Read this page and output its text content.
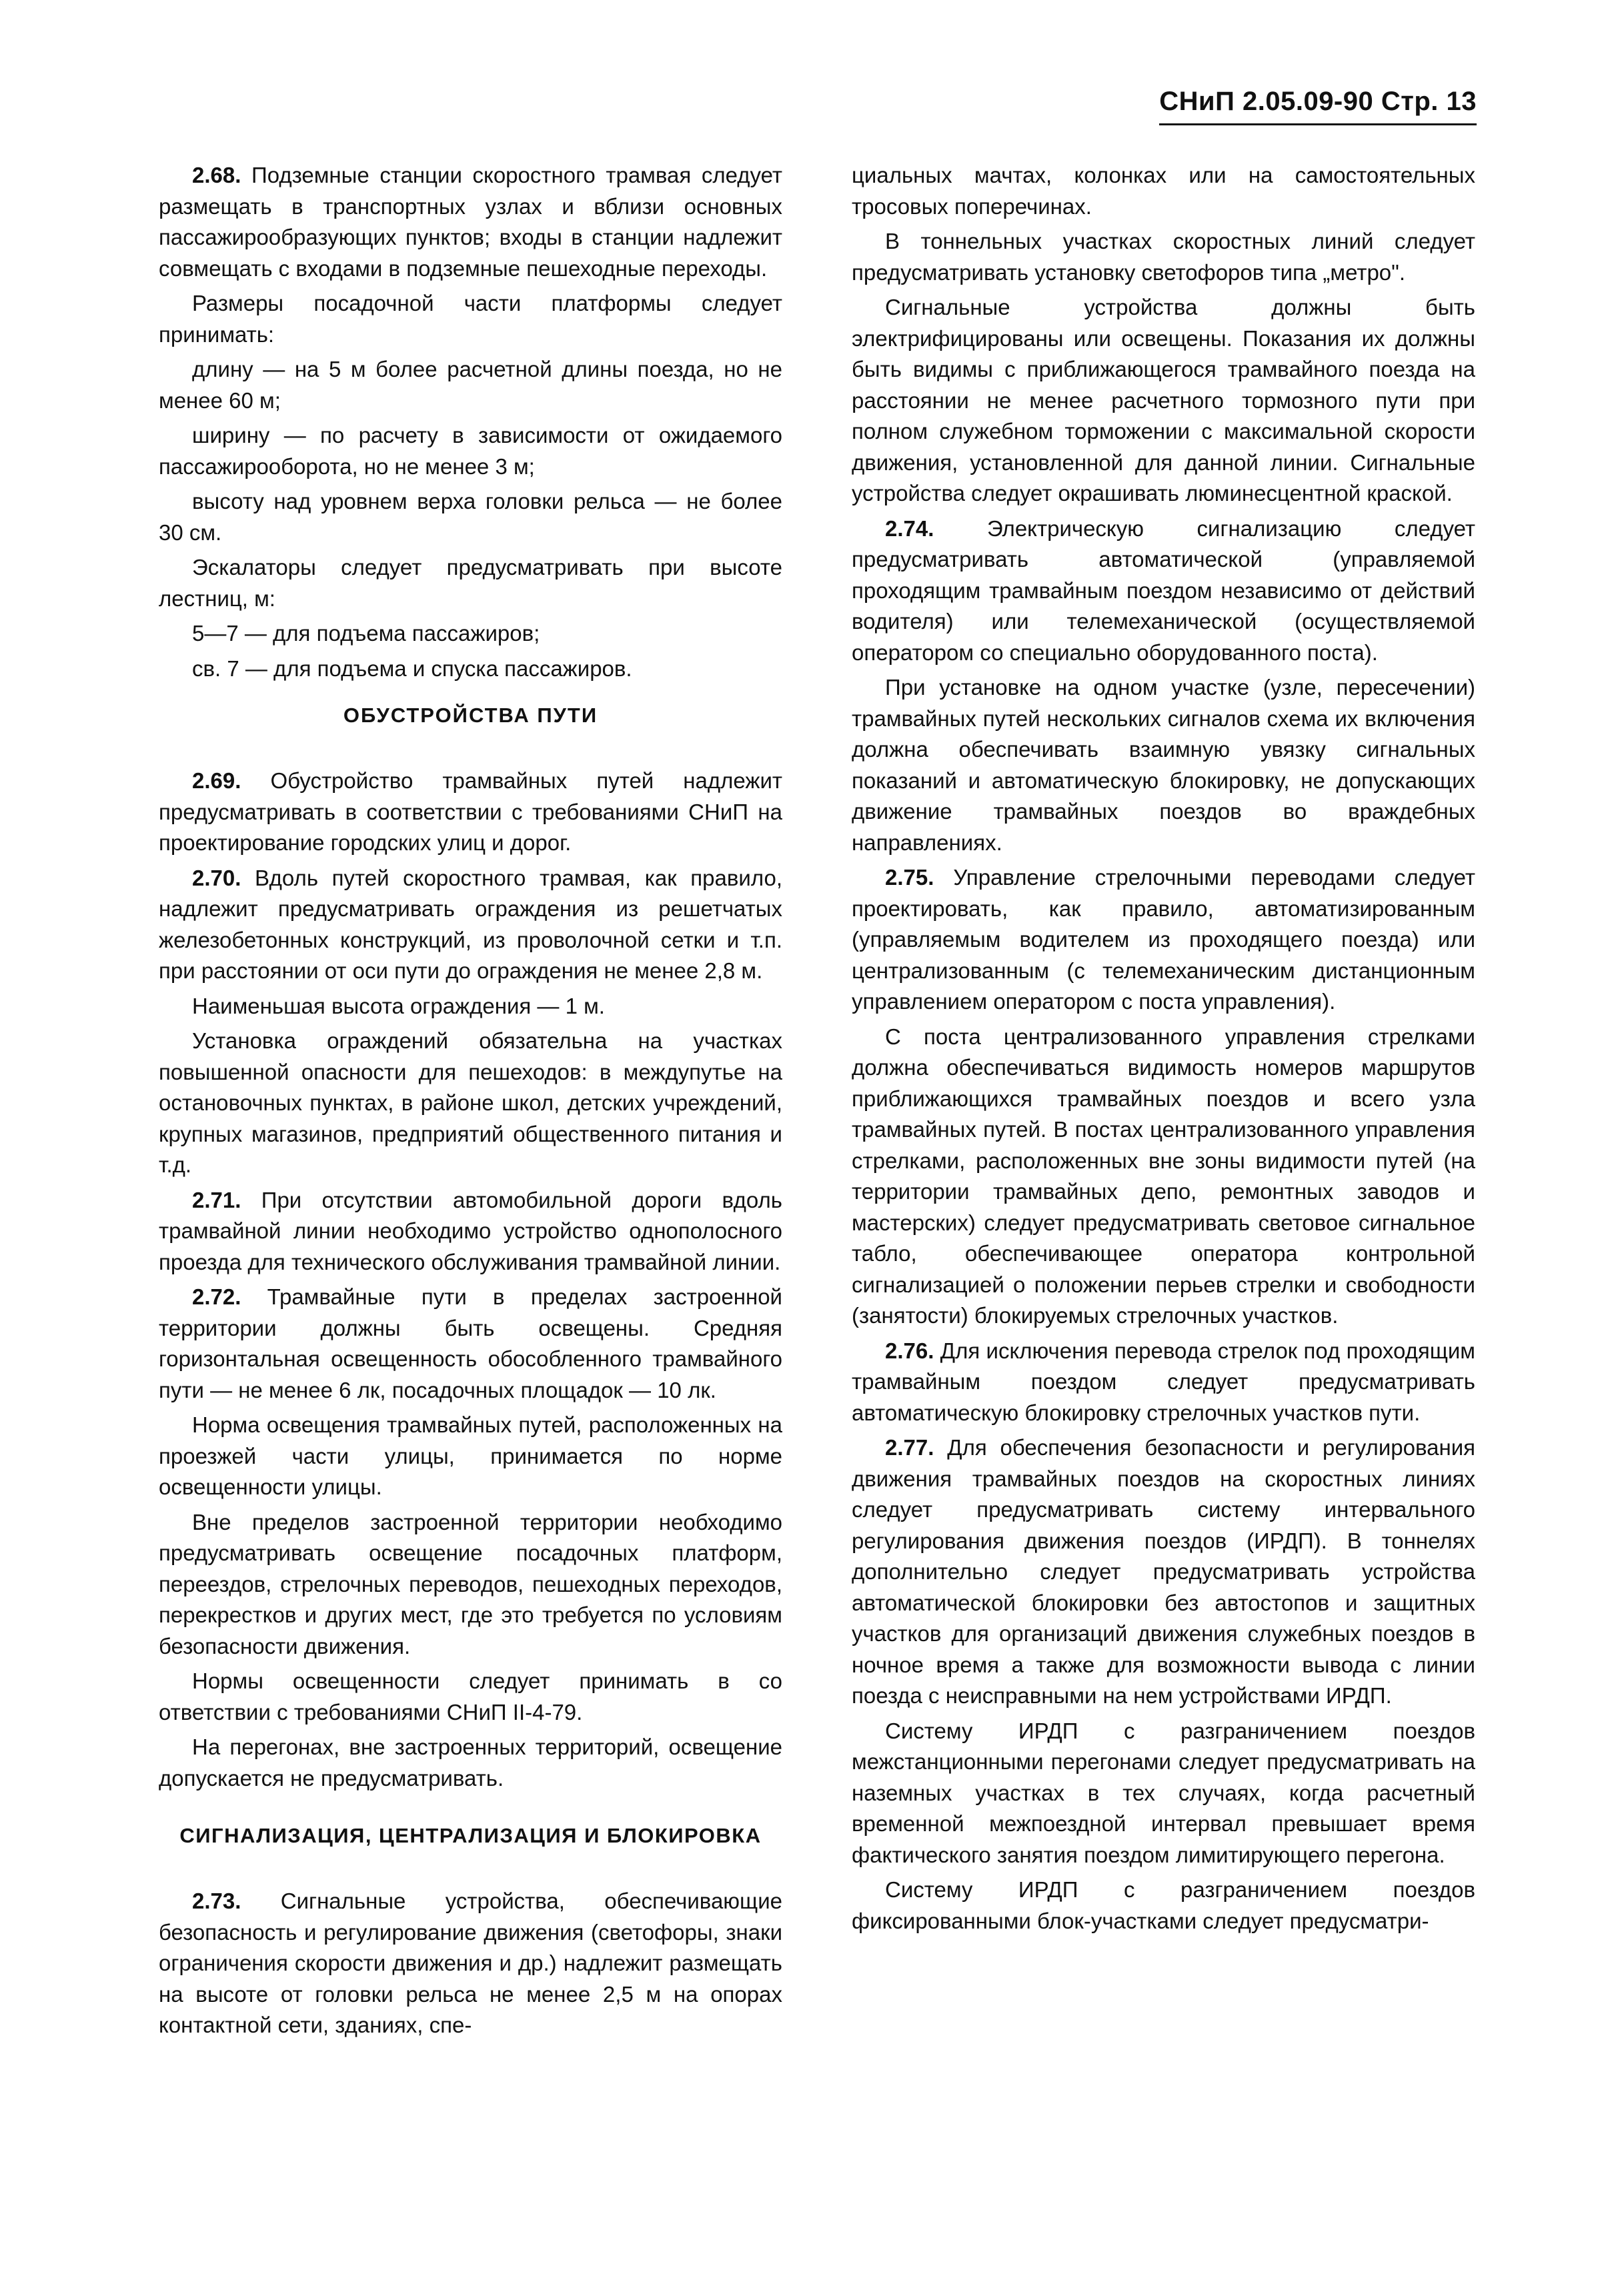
СНиП 2.05.09-90 Стр. 13

2.68. Подземные станции скоростного трамвая следует размещать в транспортных узлах и вблизи основных пассажирообразующих пунктов; входы в станции надлежит совмещать с входами в подземные пешеходные переходы.

Размеры посадочной части платформы следует принимать:

длину — на 5 м более расчетной длины поезда, но не менее 60 м;

ширину — по расчету в зависимости от ожидаемого пассажирооборота, но не менее 3 м;

высоту над уровнем верха головки рельса — не более 30 см.

Эскалаторы следует предусматривать при высоте лестниц, м:

5—7 — для подъема пассажиров;

св. 7 — для подъема и спуска пассажиров.

ОБУСТРОЙСТВА ПУТИ

2.69. Обустройство трамвайных путей надлежит предусматривать в соответствии с требованиями СНиП на проектирование городских улиц и дорог.

2.70. Вдоль путей скоростного трамвая, как правило, надлежит предусматривать ограждения из решетчатых железобетонных конструкций, из проволочной сетки и т.п. при расстоянии от оси пути до ограждения не менее 2,8 м.

Наименьшая высота ограждения — 1 м.

Установка ограждений обязательна на участках повышенной опасности для пешеходов: в междупутье на остановочных пунктах, в районе школ, детских учреждений, крупных магазинов, предприятий общественного питания и т.д.

2.71. При отсутствии автомобильной дороги вдоль трамвайной линии необходимо устройство однополосного проезда для технического обслуживания трамвайной линии.

2.72. Трамвайные пути в пределах застроенной территории должны быть освещены. Средняя горизонтальная освещенность обособленного трамвайного пути — не менее 6 лк, посадочных площадок — 10 лк.

Норма освещения трамвайных путей, расположенных на проезжей части улицы, принимается по норме освещенности улицы.

Вне пределов застроенной территории необходимо предусматривать освещение посадочных платформ, переездов, стрелочных переводов, пешеходных переходов, перекрестков и других мест, где это требуется по условиям безопасности движения.

Нормы освещенности следует принимать в со ответствии с требованиями СНиП II-4-79.

На перегонах, вне застроенных территорий, освещение допускается не предусматривать.

СИГНАЛИЗАЦИЯ, ЦЕНТРАЛИЗАЦИЯ И БЛОКИРОВКА

2.73. Сигнальные устройства, обеспечивающие безопасность и регулирование движения (светофоры, знаки ограничения скорости движения и др.) надлежит размещать на высоте от головки рельса не менее 2,5 м на опорах контактной сети, зданиях, спе-

циальных мачтах, колонках или на самостоятельных тросовых поперечинах.

В тоннельных участках скоростных линий следует предусматривать установку светофоров типа „метро".

Сигнальные устройства должны быть электрифицированы или освещены. Показания их должны быть видимы с приближающегося трамвайного поезда на расстоянии не менее расчетного тормозного пути при полном служебном торможении с максимальной скорости движения, установленной для данной линии. Сигнальные устройства следует окрашивать люминесцентной краской.

2.74. Электрическую сигнализацию следует предусматривать автоматической (управляемой проходящим трамвайным поездом независимо от действий водителя) или телемеханической (осуществляемой оператором со специально оборудованного поста).

При установке на одном участке (узле, пересечении) трамвайных путей нескольких сигналов схема их включения должна обеспечивать взаимную увязку сигнальных показаний и автоматическую блокировку, не допускающих движение трамвайных поездов во враждебных направлениях.

2.75. Управление стрелочными переводами следует проектировать, как правило, автоматизированным (управляемым водителем из проходящего поезда) или централизованным (с телемеханическим дистанционным управлением оператором с поста управления).

С поста централизованного управления стрелками должна обеспечиваться видимость номеров маршрутов приближающихся трамвайных поездов и всего узла трамвайных путей. В постах централизованного управления стрелками, расположенных вне зоны видимости путей (на территории трамвайных депо, ремонтных заводов и мастерских) следует предусматривать световое сигнальное табло, обеспечивающее оператора контрольной сигнализацией о положении перьев стрелки и свободности (занятости) блокируемых стрелочных участков.

2.76. Для исключения перевода стрелок под проходящим трамвайным поездом следует предусматривать автоматическую блокировку стрелочных участков пути.

2.77. Для обеспечения безопасности и регулирования движения трамвайных поездов на скоростных линиях следует предусматривать систему интервального регулирования движения поездов (ИРДП). В тоннелях дополнительно следует предусматривать устройства автоматической блокировки без автостопов и защитных участков для организаций движения служебных поездов в ночное время а также для возможности вывода с линии поезда с неисправными на нем устройствами ИРДП.

Систему ИРДП с разграничением поездов межстанционными перегонами следует предусматривать на наземных участках в тех случаях, когда расчетный временной межпоездной интервал превышает время фактического занятия поездом лимитирующего перегона.

Систему ИРДП с разграничением поездов фиксированными блок-участками следует предусматри-
